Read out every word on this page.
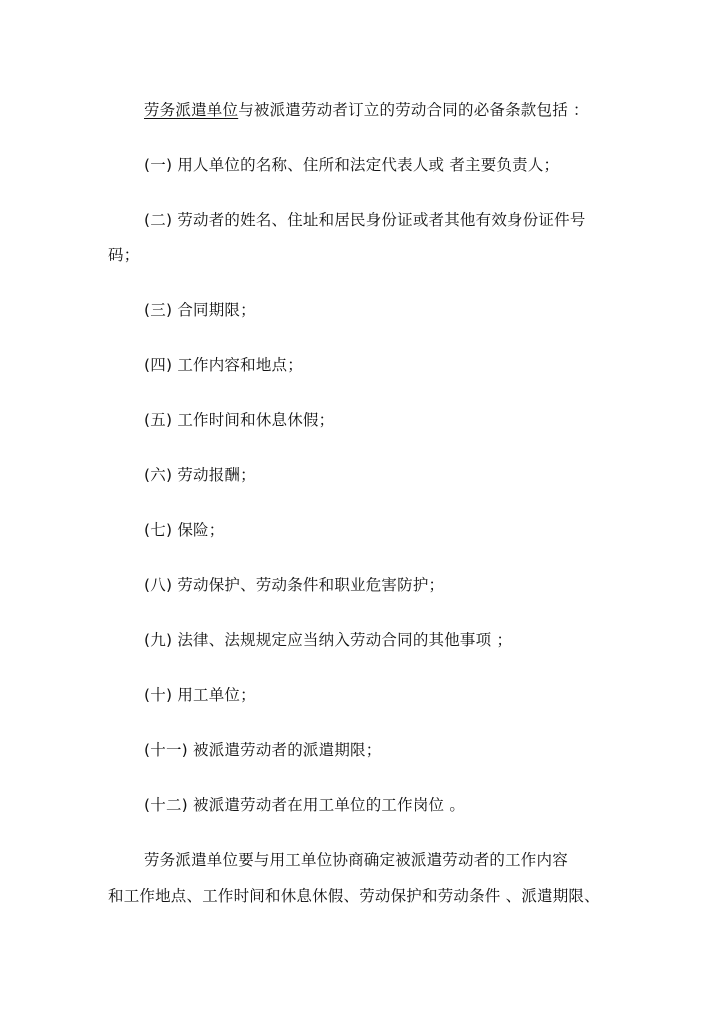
劳务派遣单位与被派遣劳动者订立的劳动合同的必备条款包括 ：
(一) 用人单位的名称、住所和法定代表人或 者主要负责人；
(二) 劳动者的姓名、住址和居民身份证或者其他有效身份证件号
码；
(三) 合同期限；
(四) 工作内容和地点；
(五) 工作时间和休息休假；
(六) 劳动报酬；
(七) 保险；
(八) 劳动保护、劳动条件和职业危害防护；
(九) 法律、法规规定应当纳入劳动合同的其他事项 ；
(十) 用工单位；
(十一) 被派遣劳动者的派遣期限；
(十二) 被派遣劳动者在用工单位的工作岗位 。
劳务派遣单位要与用工单位协商确定被派遣劳动者的工作内容
和工作地点、工作时间和休息休假、劳动保护和劳动条件 、派遣期限、
